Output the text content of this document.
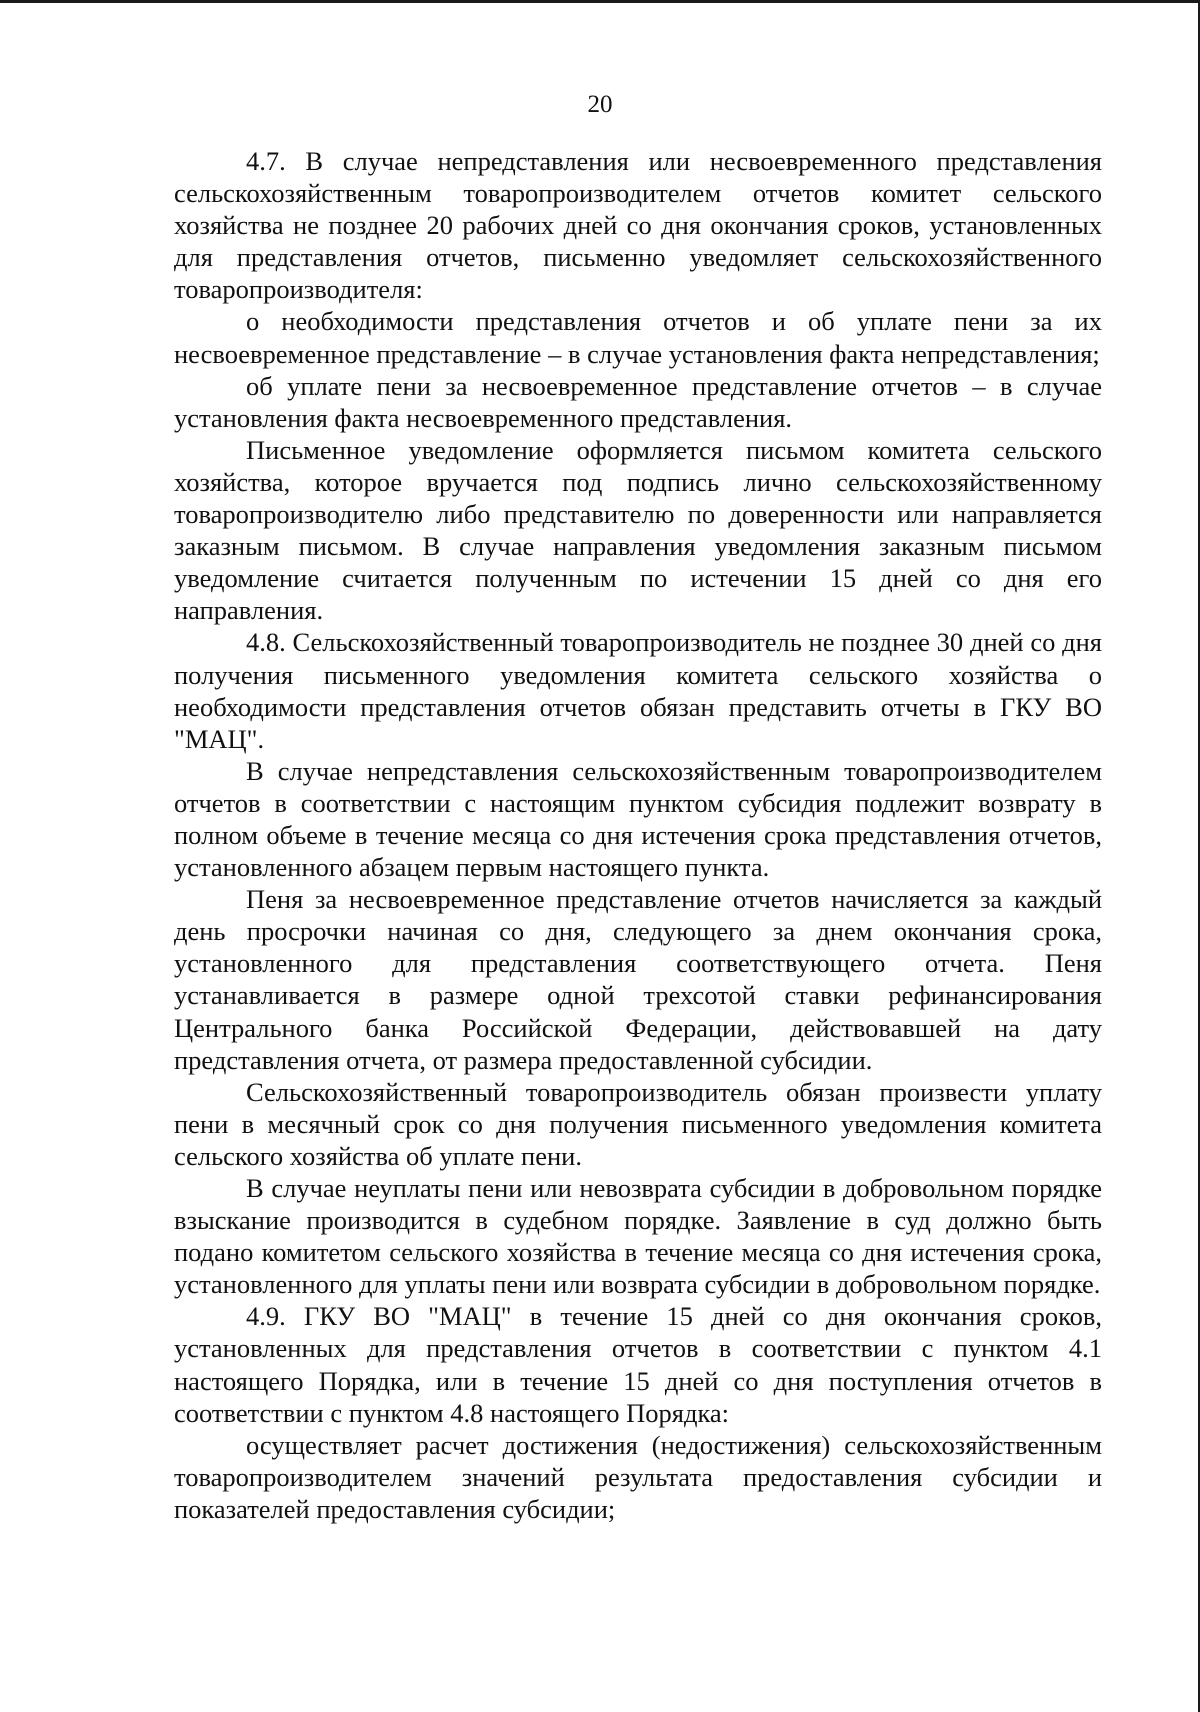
20

4.7. В случае непредставления или несвоевременного представления сельскохозяйственным товаропроизводителем отчетов комитет сельского хозяйства не позднее 20 рабочих дней со дня окончания сроков, установленных для представления отчетов, письменно уведомляет сельскохозяйственного товаропроизводителя:

о необходимости представления отчетов и об уплате пени за их несвоевременное представление – в случае установления факта непредставления;

об уплате пени за несвоевременное представление отчетов – в случае установления факта несвоевременного представления.

Письменное уведомление оформляется письмом комитета сельского хозяйства, которое вручается под подпись лично сельскохозяйственному товаропроизводителю либо представителю по доверенности или направляется заказным письмом. В случае направления уведомления заказным письмом уведомление считается полученным по истечении 15 дней со дня его направления.

4.8. Сельскохозяйственный товаропроизводитель не позднее 30 дней со дня получения письменного уведомления комитета сельского хозяйства о необходимости представления отчетов обязан представить отчеты в ГКУ ВО "МАЦ".

В случае непредставления сельскохозяйственным товаропроизводителем отчетов в соответствии с настоящим пунктом субсидия подлежит возврату в полном объеме в течение месяца со дня истечения срока представления отчетов, установленного абзацем первым настоящего пункта.

Пеня за несвоевременное представление отчетов начисляется за каждый день просрочки начиная со дня, следующего за днем окончания срока, установленного для представления соответствующего отчета. Пеня устанавливается в размере одной трехсотой ставки рефинансирования Центрального банка Российской Федерации, действовавшей на дату представления отчета, от размера предоставленной субсидии.

Сельскохозяйственный товаропроизводитель обязан произвести уплату пени в месячный срок со дня получения письменного уведомления комитета сельского хозяйства об уплате пени.

В случае неуплаты пени или невозврата субсидии в добровольном порядке взыскание производится в судебном порядке. Заявление в суд должно быть подано комитетом сельского хозяйства в течение месяца со дня истечения срока, установленного для уплаты пени или возврата субсидии в добровольном порядке.

4.9. ГКУ ВО "МАЦ" в течение 15 дней со дня окончания сроков, установленных для представления отчетов в соответствии с пунктом 4.1 настоящего Порядка, или в течение 15 дней со дня поступления отчетов в соответствии с пунктом 4.8 настоящего Порядка:

осуществляет расчет достижения (недостижения) сельскохозяйственным товаропроизводителем значений результата предоставления субсидии и показателей предоставления субсидии;
